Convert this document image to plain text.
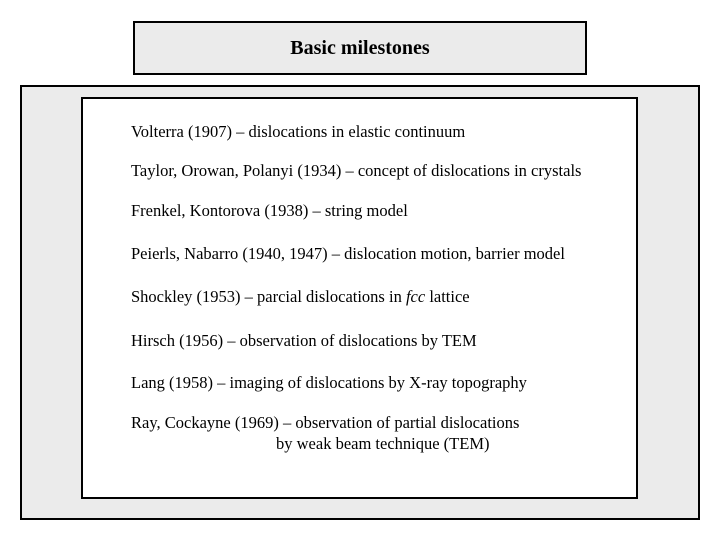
Basic milestones
Volterra (1907) – dislocations in elastic continuum
Taylor, Orowan, Polanyi (1934) – concept of dislocations in crystals
Frenkel, Kontorova (1938) – string model
Peierls, Nabarro (1940, 1947) – dislocation motion, barrier model
Shockley (1953) – parcial dislocations in fcc lattice
Hirsch (1956) – observation of dislocations by TEM
Lang (1958) – imaging of dislocations by X-ray topography
Ray, Cockayne (1969) – observation of partial dislocations
by weak beam technique (TEM)
